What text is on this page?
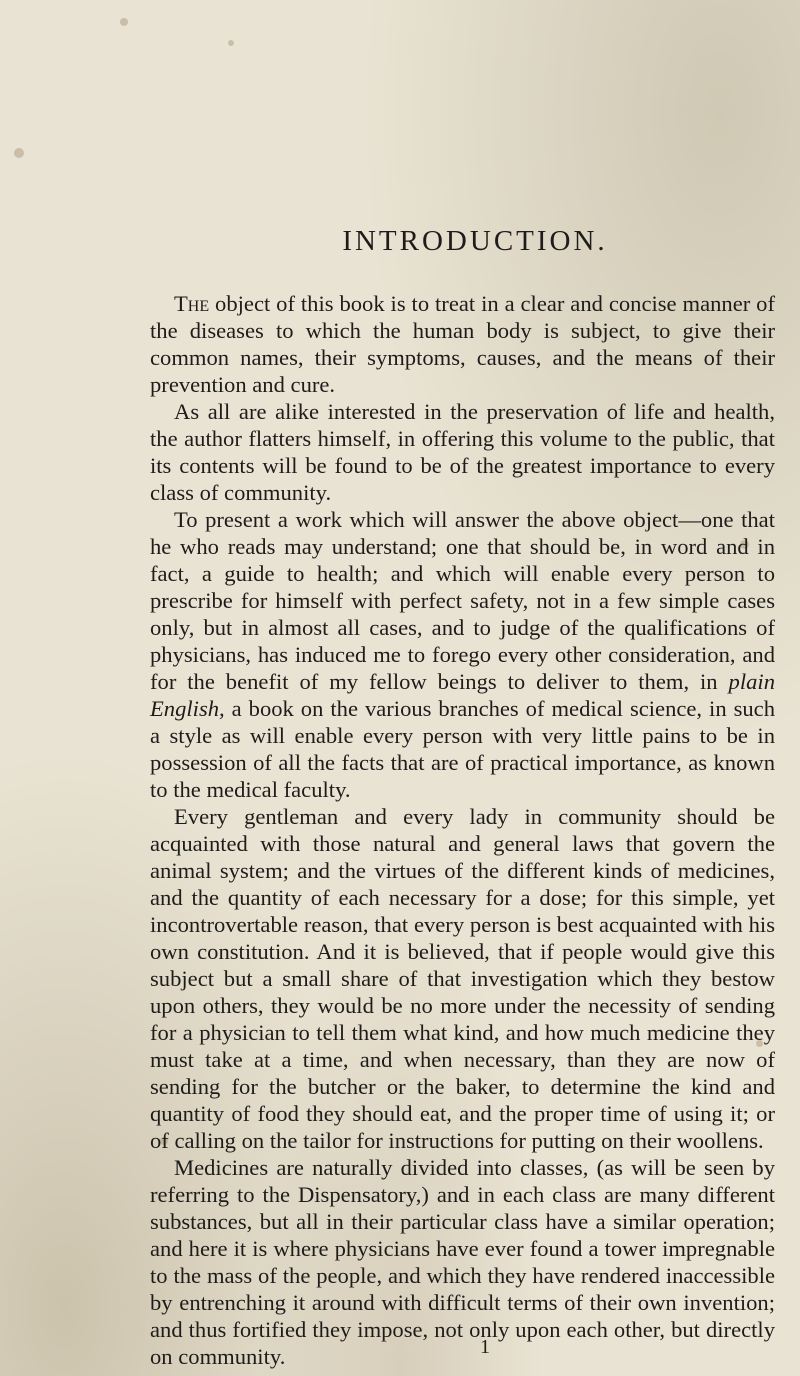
INTRODUCTION.

The object of this book is to treat in a clear and concise manner of the diseases to which the human body is subject, to give their common names, their symptoms, causes, and the means of their prevention and cure.

As all are alike interested in the preservation of life and health, the author flatters himself, in offering this volume to the public, that its contents will be found to be of the greatest importance to every class of community.

To present a work which will answer the above object—one that he who reads may understand; one that should be, in word and in fact, a guide to health; and which will enable every person to prescribe for himself with perfect safety, not in a few simple cases only, but in almost all cases, and to judge of the qualifications of physicians, has induced me to forego every other consideration, and for the benefit of my fellow beings to deliver to them, in plain English, a book on the various branches of medical science, in such a style as will enable every person with very little pains to be in possession of all the facts that are of practical importance, as known to the medical faculty.

Every gentleman and every lady in community should be acquainted with those natural and general laws that govern the animal system; and the virtues of the different kinds of medicines, and the quantity of each necessary for a dose; for this simple, yet incontrovertable reason, that every person is best acquainted with his own constitution. And it is believed, that if people would give this subject but a small share of that investigation which they bestow upon others, they would be no more under the necessity of sending for a physician to tell them what kind, and how much medicine they must take at a time, and when necessary, than they are now of sending for the butcher or the baker, to determine the kind and quantity of food they should eat, and the proper time of using it; or of calling on the tailor for instructions for putting on their woollens.

Medicines are naturally divided into classes, (as will be seen by referring to the Dispensatory,) and in each class are many different substances, but all in their particular class have a similar operation; and here it is where physicians have ever found a tower impregnable to the mass of the people, and which they have rendered inaccessible by entrenching it around with difficult terms of their own invention; and thus fortified they impose, not only upon each other, but directly on community.	1
